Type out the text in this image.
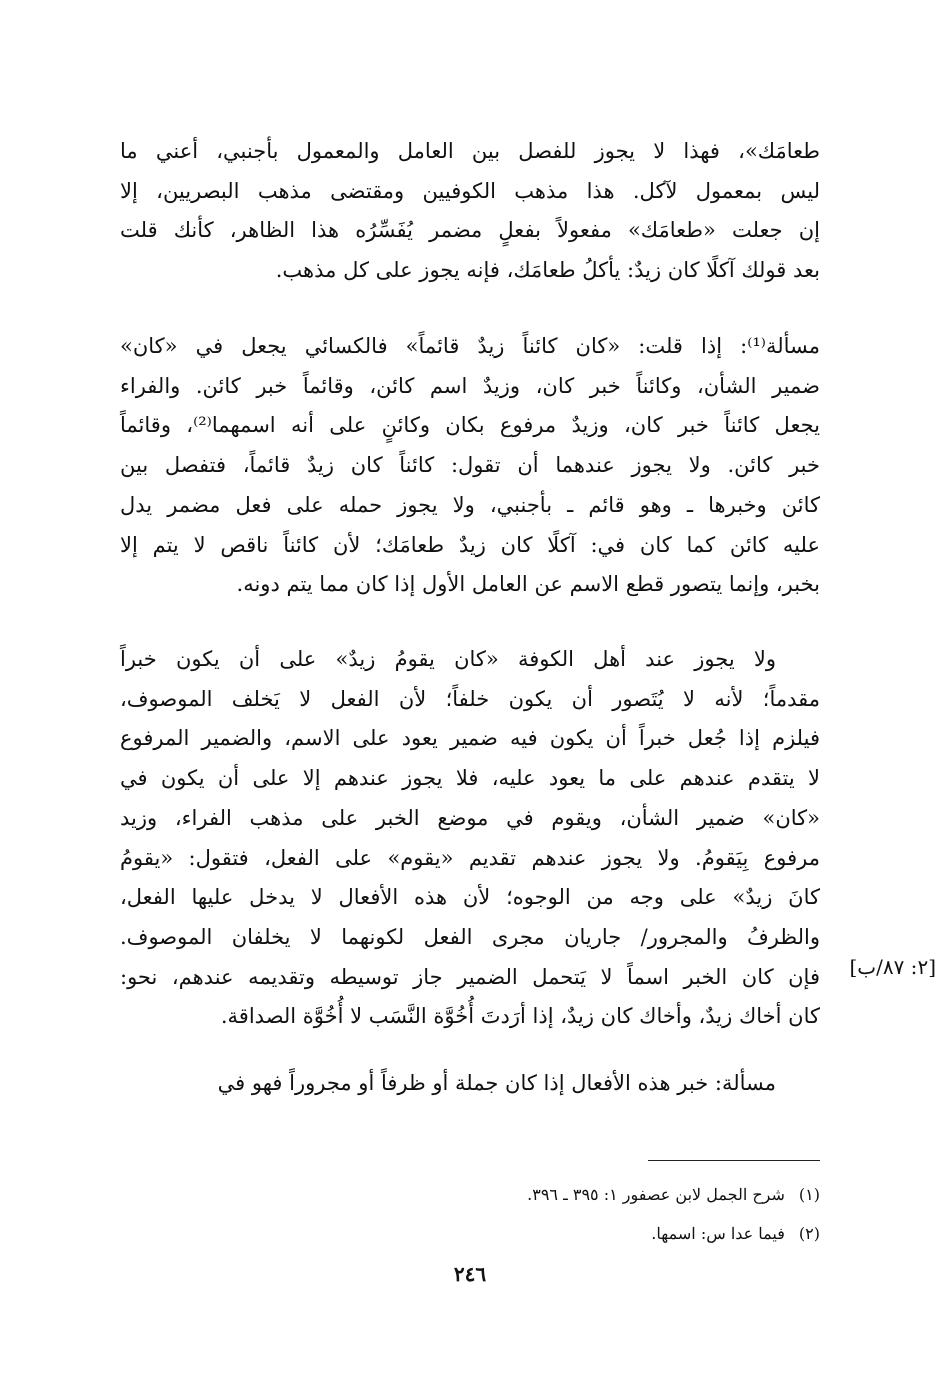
طعامَك»، فهذا لا يجوز للفصل بين العامل والمعمول بأجنبي، أعني ما
ليس بمعمول لآكل. هذا مذهب الكوفيين ومقتضى مذهب البصريين، إلا
إن جعلت «طعامَك» مفعولاً بفعلٍ مضمر يُفَسِّرُه هذا الظاهر، كأنك قلت
بعد قولك آكلًا كان زيدٌ: يأكلُ طعامَك، فإنه يجوز على كل مذهب.
مسألة⁽¹⁾: إذا قلت: «كان كائناً زيدٌ قائماً» فالكسائي يجعل في «كان»
ضمير الشأن، وكائناً خبر كان، وزيدٌ اسم كائن، وقائماً خبر كائن. والفراء
يجعل كائناً خبر كان، وزيدٌ مرفوع بكان وكائنٍ على أنه اسمهما⁽²⁾، وقائماً
خبر كائن. ولا يجوز عندهما أن تقول: كائناً كان زيدٌ قائماً، فتفصل بين
كائن وخبرها ـ وهو قائم ـ بأجنبي، ولا يجوز حمله على فعل مضمر يدل
عليه كائن كما كان في: آكلًا كان زيدٌ طعامَك؛ لأن كائناً ناقص لا يتم إلا
بخبر، وإنما يتصور قطع الاسم عن العامل الأول إذا كان مما يتم دونه.
ولا يجوز عند أهل الكوفة «كان يقومُ زيدٌ» على أن يكون خبراً
مقدماً؛ لأنه لا يُتَصور أن يكون خلفاً؛ لأن الفعل لا يَخلف الموصوف،
فيلزم إذا جُعل خبراً أن يكون فيه ضمير يعود على الاسم، والضمير المرفوع
لا يتقدم عندهم على ما يعود عليه، فلا يجوز عندهم إلا على أن يكون في
«كان» ضمير الشأن، ويقوم في موضع الخبر على مذهب الفراء، وزيد
مرفوع بِيَقومُ. ولا يجوز عندهم تقديم «يقوم» على الفعل، فتقول: «يقومُ
كانَ زيدٌ» على وجه من الوجوه؛ لأن هذه الأفعال لا يدخل عليها الفعل،
والظرفُ والمجرور/ جاريان مجرى الفعل لكونهما لا يخلفان الموصوف.
فإن كان الخبر اسماً لا يَتحمل الضمير جاز توسيطه وتقديمه عندهم، نحو:
كان أخاك زيدٌ، وأخاك كان زيدٌ، إذا أرَدتَ أُخُوَّة النَّسَب لا أُخُوَّة الصداقة.
مسألة: خبر هذه الأفعال إذا كان جملة أو ظرفاً أو مجروراً فهو في
[٢: ٨٧/ب]
(١)شرح الجمل لابن عصفور ١: ٣٩٥ ـ ٣٩٦.
(٢)فيما عدا س: اسمها.
٢٤٦
